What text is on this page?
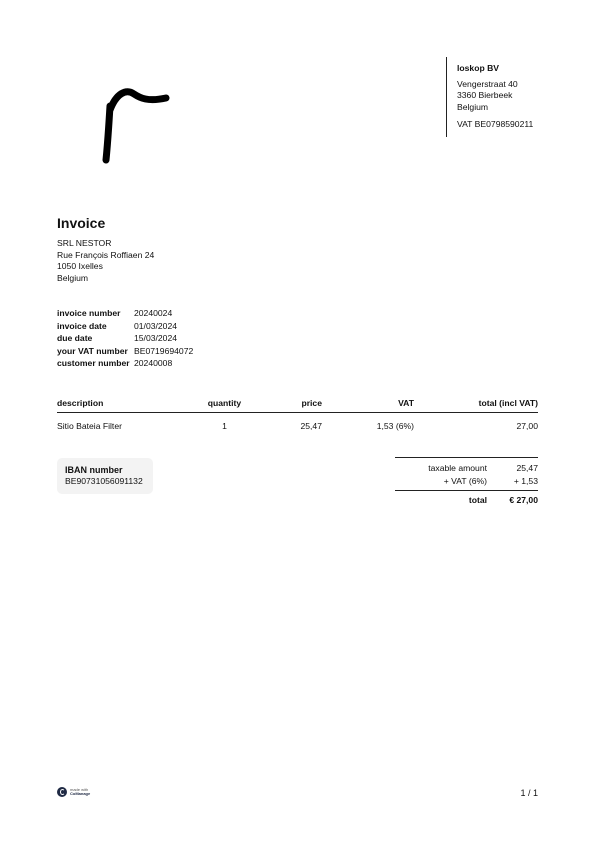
loskop BV
Vengerstraat 40
3360 Bierbeek
Belgium
VAT BE0798590211
Invoice
SRL NESTOR
Rue François Roffiaen 24
1050 Ixelles
Belgium
invoice number	20240024
invoice date	01/03/2024
due date	15/03/2024
your VAT number	BE0719694072
customer number	20240008
description	quantity	price	VAT	total (incl VAT)
Sitio Bateia Filter	1	25,47	1,53 (6%)	27,00
IBAN number
BE90731056091132
taxable amount	25,47
+ VAT (6%)	+ 1,53
total	€ 27,00
made with
CoManage	1 / 1
